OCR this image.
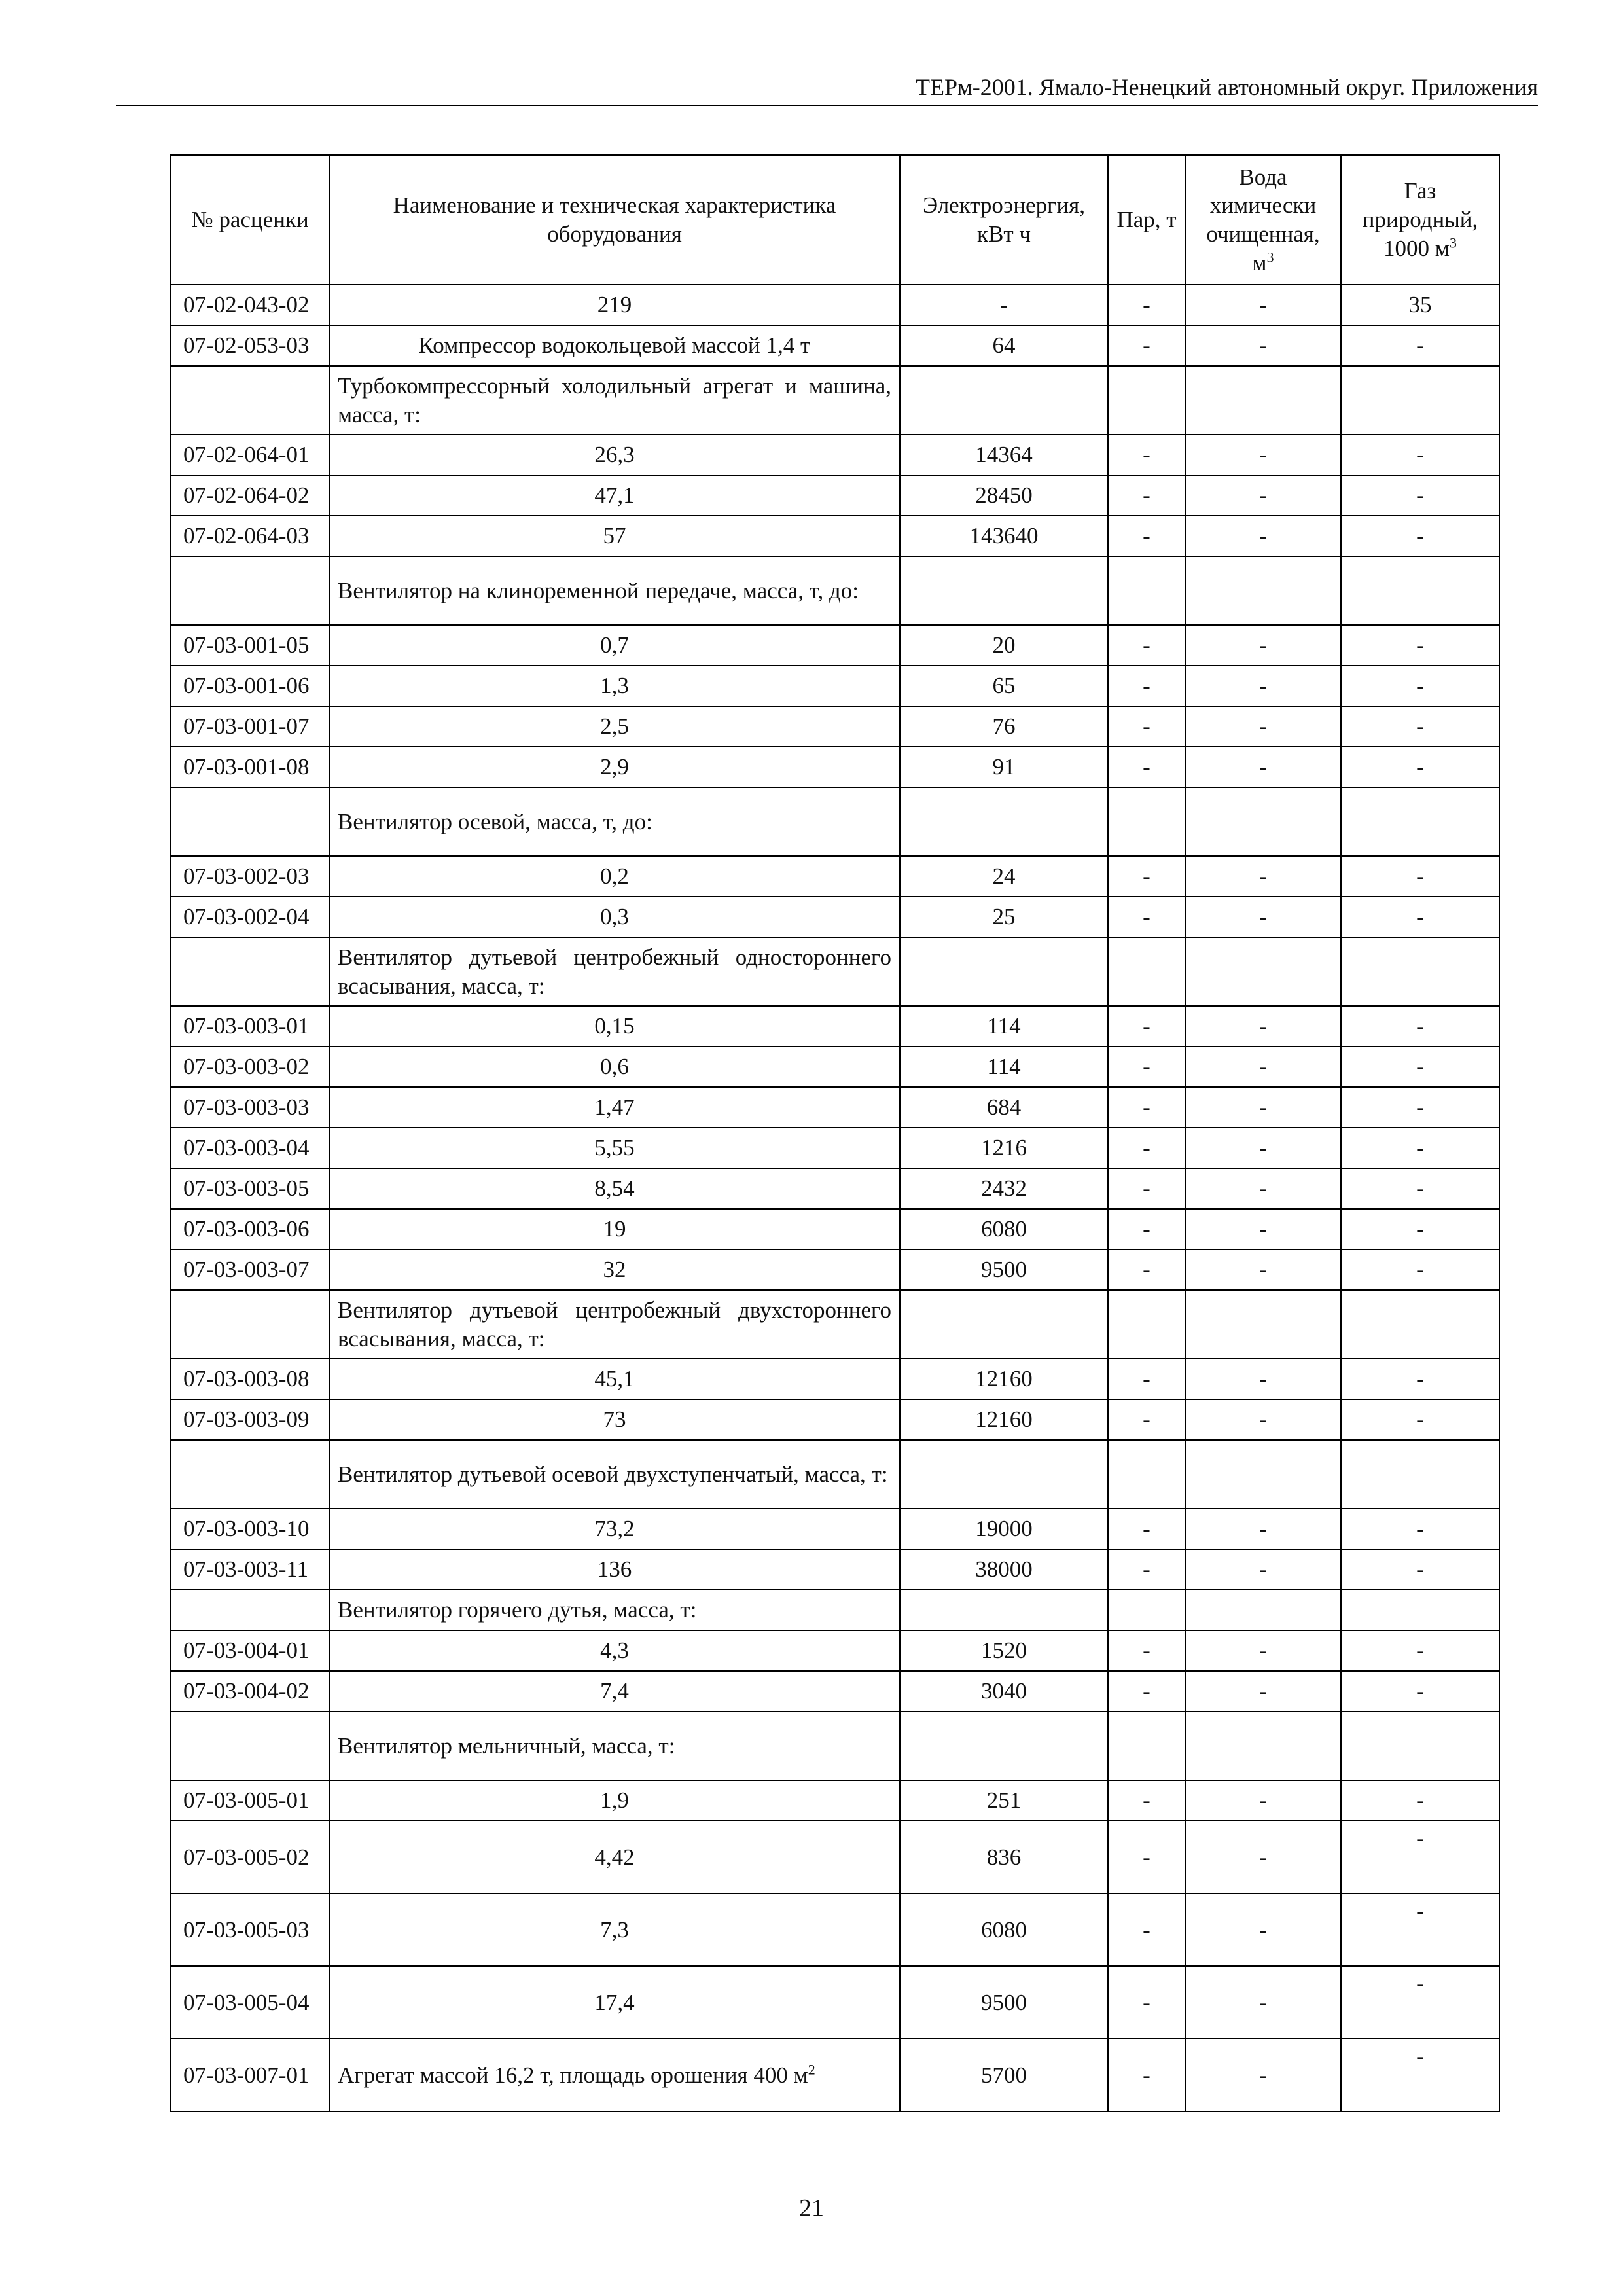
ТЕРм-2001. Ямало-Ненецкий автономный округ. Приложения
№ расценки	Наименование и техническая характеристика оборудования	Электроэнергия, кВт ч	Пар, т	Вода химически очищенная, $м^3$	Газ природный, 1000 $м^3$
07-02-043-02	219	-	-	-	35
07-02-053-03	Компрессор водокольцевой массой 1,4 т	64	-	-	-
	Турбокомпрессорный холодильный агрегат и машина, масса, т:				
07-02-064-01	26,3	14364	-	-	-
07-02-064-02	47,1	28450	-	-	-
07-02-064-03	57	143640	-	-	-
	Вентилятор на клиноременной передаче, масса, т, до:				
07-03-001-05	0,7	20	-	-	-
07-03-001-06	1,3	65	-	-	-
07-03-001-07	2,5	76	-	-	-
07-03-001-08	2,9	91	-	-	-
	Вентилятор осевой, масса, т, до:				
07-03-002-03	0,2	24	-	-	-
07-03-002-04	0,3	25	-	-	-
	Вентилятор дутьевой центробежный одностороннего всасывания, масса, т:				
07-03-003-01	0,15	114	-	-	-
07-03-003-02	0,6	114	-	-	-
07-03-003-03	1,47	684	-	-	-
07-03-003-04	5,55	1216	-	-	-
07-03-003-05	8,54	2432	-	-	-
07-03-003-06	19	6080	-	-	-
07-03-003-07	32	9500	-	-	-
	Вентилятор дутьевой центробежный двухстороннего всасывания, масса, т:				
07-03-003-08	45,1	12160	-	-	-
07-03-003-09	73	12160	-	-	-
	Вентилятор дутьевой осевой двухступенчатый, масса, т:				
07-03-003-10	73,2	19000	-	-	-
07-03-003-11	136	38000	-	-	-
	Вентилятор горячего дутья, масса, т:				
07-03-004-01	4,3	1520	-	-	-
07-03-004-02	7,4	3040	-	-	-
	Вентилятор мельничный, масса, т:				
07-03-005-01	1,9	251	-	-	-
07-03-005-02	4,42	836	-	-	-
07-03-005-03	7,3	6080	-	-	-
07-03-005-04	17,4	9500	-	-	-
07-03-007-01	Агрегат массой 16,2 т, площадь орошения 400 $м^2$	5700	-	-	-
21
